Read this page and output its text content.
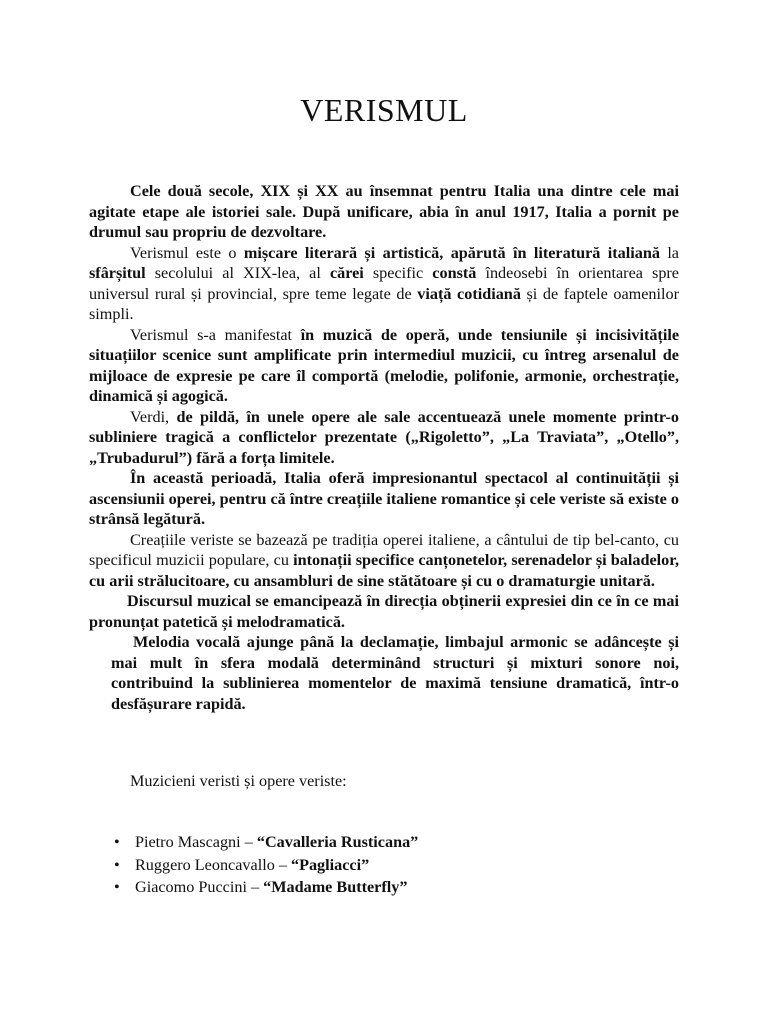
VERISMUL

Cele două secole, XIX și XX au însemnat pentru Italia una dintre cele mai agitate etape ale istoriei sale. După unificare, abia în anul 1917, Italia a pornit pe drumul sau propriu de dezvoltare.

Verismul este o mișcare literară și artistică, apărută în literatură italiană la sfârșitul secolului al XIX-lea, al cărei specific constă îndeosebi în orientarea spre universul rural și provincial, spre teme legate de viață cotidiană și de faptele oamenilor simpli.

Verismul s-a manifestat în muzică de operă, unde tensiunile și incisivitățile situațiilor scenice sunt amplificate prin intermediul muzicii, cu întreg arsenalul de mijloace de expresie pe care îl comportă (melodie, polifonie, armonie, orchestrație, dinamică și agogică.

Verdi, de pildă, în unele opere ale sale accentuează unele momente printr-o subliniere tragică a conflictelor prezentate („Rigoletto”, „La Traviata”, „Otello”, „Trubadurul”) fără a forța limitele.

În această perioadă, Italia oferă impresionantul spectacol al continuității și ascensiunii operei, pentru că între creațiile italiene romantice și cele veriste să existe o strânsă legătură.

Creațiile veriste se bazează pe tradiția operei italiene, a cântului de tip bel-canto, cu specificul muzicii populare, cu intonații specifice canțonetelor, serenadelor și baladelor, cu arii strălucitoare, cu ansambluri de sine stătătoare și cu o dramaturgie unitară.

Discursul muzical se emancipează în direcția obținerii expresiei din ce în ce mai pronunțat patetică și melodramatică.

Melodia vocală ajunge până la declamație, limbajul armonic se adâncește și mai mult în sfera modală determinând structuri și mixturi sonore noi, contribuind la sublinierea momentelor de maximă tensiune dramatică, într-o desfășurare rapidă.

Muzicieni veristi și opere veriste:

• Pietro Mascagni – “Cavalleria Rusticana”
• Ruggero Leoncavallo – “Pagliacci”
• Giacomo Puccini – “Madame Butterfly”
